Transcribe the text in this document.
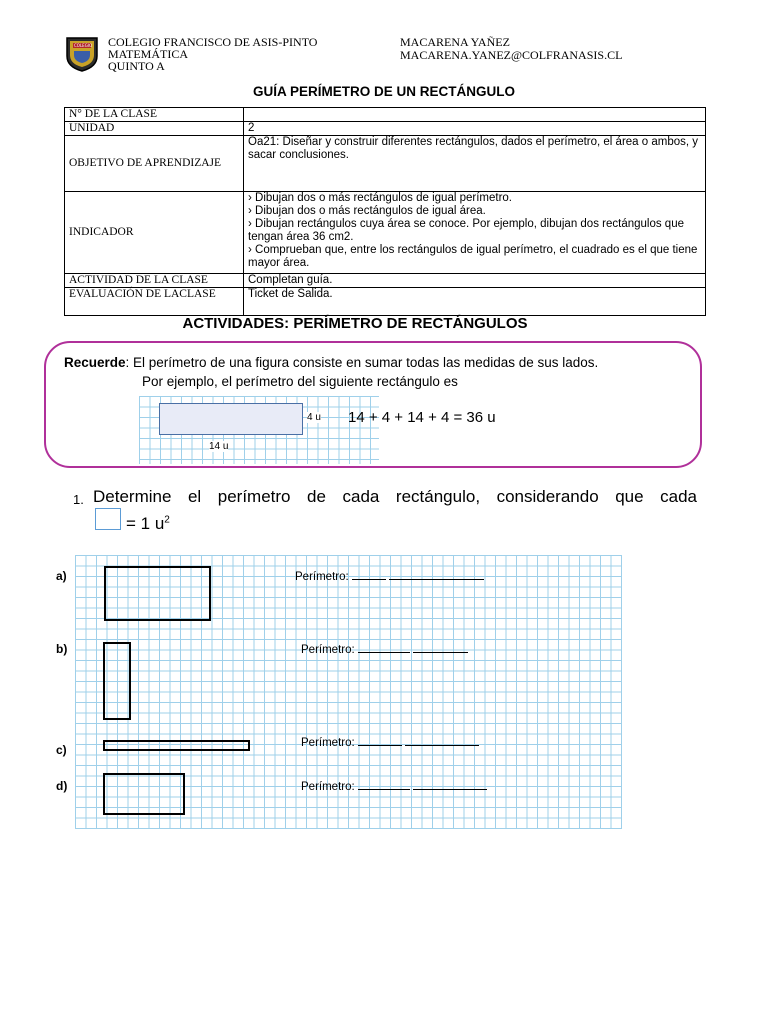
COLEGIO COLEGIO FRANCISCO DE ASIS-PINTO
MATEMÁTICA
QUINTO A
MACARENA YAÑEZ
MACARENA.YANEZ@COLFRANASIS.CL
GUÍA PERÍMETRO DE UN RECTÁNGULO
N° DE LA CLASE	
UNIDAD	2
OBJETIVO DE APRENDIZAJE	Oa21: Diseñar y construir diferentes rectángulos, dados el perímetro, el área o ambos, y sacar conclusiones.
INDICADOR	› Dibujan dos o más rectángulos de igual perímetro.
› Dibujan dos o más rectángulos de igual área.
› Dibujan rectángulos cuya área se conoce. Por ejemplo, dibujan dos rectángulos que tengan área 36 cm2.
› Comprueban que, entre los rectángulos de igual perímetro, el cuadrado es el que tiene mayor área.

ACTIVIDAD DE LA CLASE	Completan guía.
EVALUACIÓN DE LACLASE	Ticket de Salida.
ACTIVIDADES: PERÍMETRO DE RECTÁNGULOS
Recuerde: El perímetro de una figura consiste en sumar todas las medidas de sus lados.
Por ejemplo, el perímetro del siguiente rectángulo es
4 u
14 u
14 + 4 + 14 + 4 = 36 u
1. Determine el perímetro de cada rectángulo, considerando que cada
= 1 $u^2$
a)	Perímetro:
b)	Perímetro:
c)	Perímetro:
d)	Perímetro:
